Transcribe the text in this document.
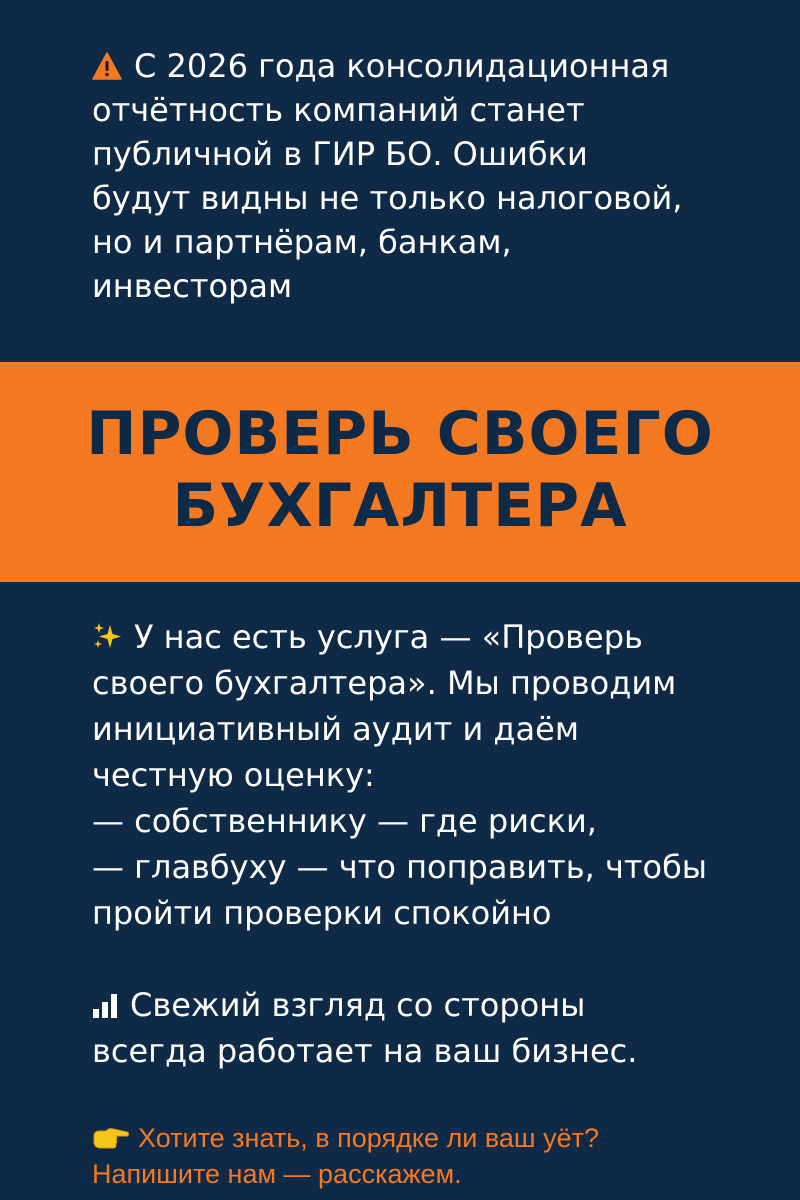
С 2026 года консолидационная
отчётность компаний станет
публичной в ГИР БО. Ошибки
будут видны не только налоговой,
но и партнёрам, банкам,
инвесторам
ПРОВЕРЬ СВОЕГО
БУХГАЛТЕРА
У нас есть услуга — «Проверь
своего бухгалтера». Мы проводим
инициативный аудит и даём
честную оценку:
— собственнику — где риски,
— главбуху — что поправить, чтобы
пройти проверки спокойно
Свежий взгляд со стороны
всегда работает на ваш бизнес.
Хотите знать, в порядке ли ваш уёт?
Напишите нам — расскажем.
